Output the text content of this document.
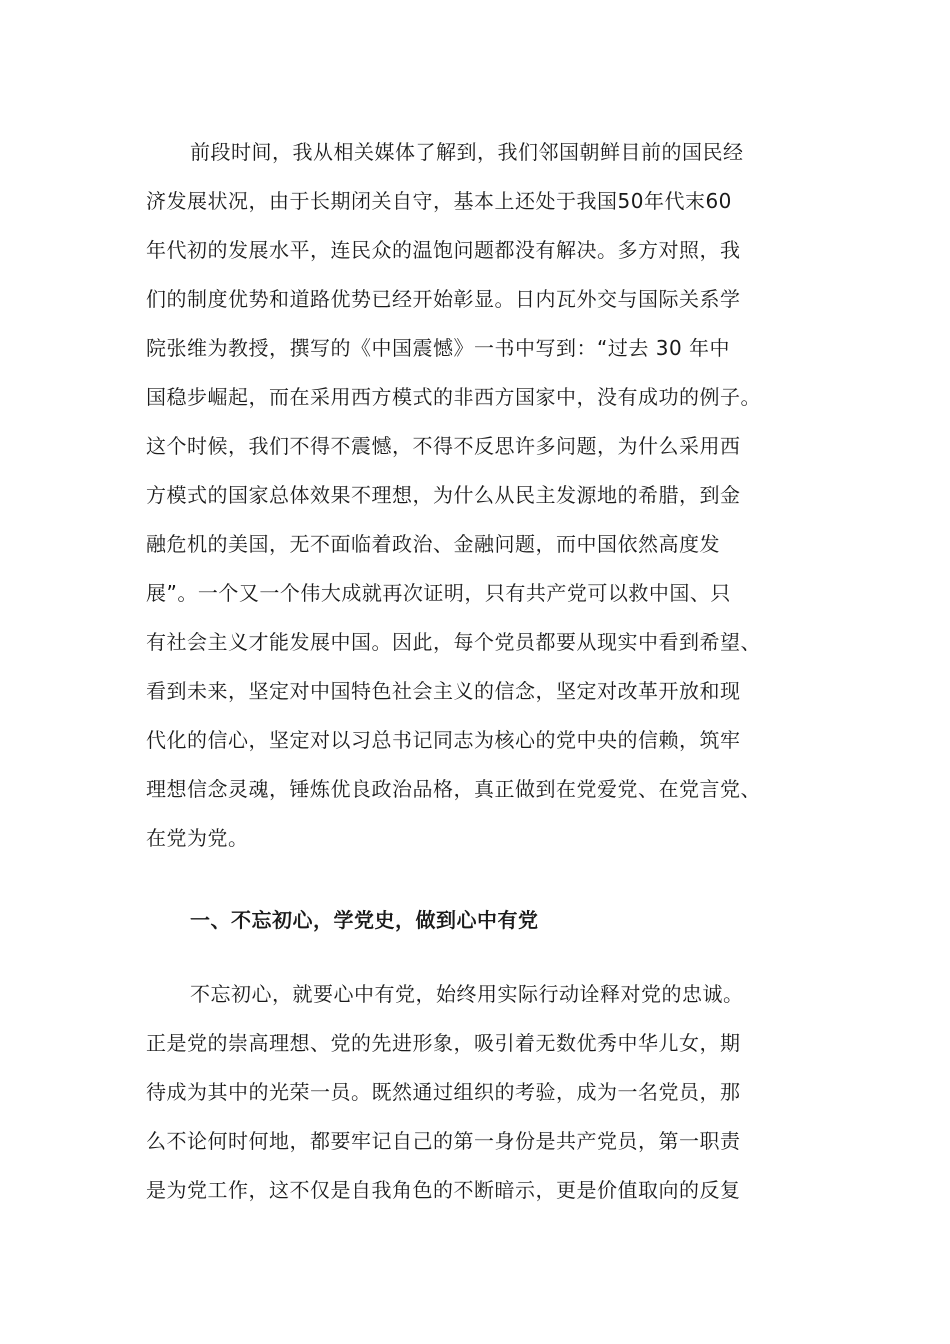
前段时间，我从相关媒体了解到，我们邻国朝鲜目前的国民经
济发展状况，由于长期闭关自守，基本上还处于我国50年代末60
年代初的发展水平，连民众的温饱问题都没有解决。多方对照，我
们的制度优势和道路优势已经开始彰显。日内瓦外交与国际关系学
院张维为教授，撰写的《中国震憾》一书中写到：“过去 30 年中
国稳步崛起，而在采用西方模式的非西方国家中，没有成功的例子。
这个时候，我们不得不震憾，不得不反思许多问题，为什么采用西
方模式的国家总体效果不理想，为什么从民主发源地的希腊，到金
融危机的美国，无不面临着政治、金融问题，而中国依然高度发
展”。一个又一个伟大成就再次证明，只有共产党可以救中国、只
有社会主义才能发展中国。因此，每个党员都要从现实中看到希望、
看到未来，坚定对中国特色社会主义的信念，坚定对改革开放和现
代化的信心，坚定对以习总书记同志为核心的党中央的信赖，筑牢
理想信念灵魂，锤炼优良政治品格，真正做到在党爱党、在党言党、
在党为党。
一、不忘初心，学党史，做到心中有党
不忘初心，就要心中有党，始终用实际行动诠释对党的忠诚。
正是党的崇高理想、党的先进形象，吸引着无数优秀中华儿女，期
待成为其中的光荣一员。既然通过组织的考验，成为一名党员，那
么不论何时何地，都要牢记自己的第一身份是共产党员，第一职责
是为党工作，这不仅是自我角色的不断暗示，更是价值取向的反复
